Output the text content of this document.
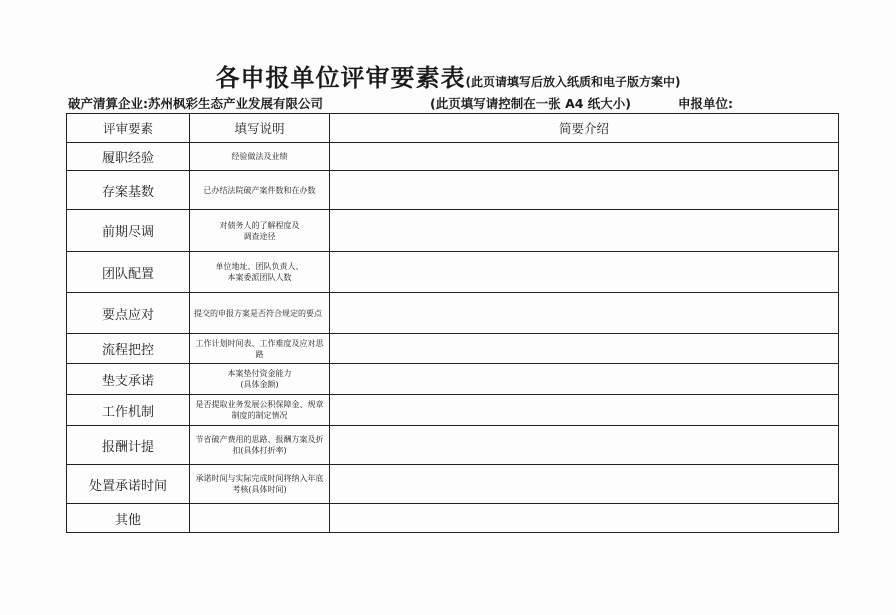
各申报单位评审要素表(此页请填写后放入纸质和电子版方案中)
破产清算企业:苏州枫彩生态产业发展有限公司	(此页填写请控制在一张 A4 纸大小)	申报单位:
评审要素	填写说明	简要介绍
履职经验	经验做法及业绩	
存案基数	已办结法院破产案件数和在办数	
前期尽调	对债务人的了解程度及
调查途径	
团队配置	单位地址、团队负责人、
本案委派团队人数	
要点应对	提交的申报方案是否符合规定的要点	
流程把控	工作计划时间表、工作难度及应对思路	
垫支承诺	本案垫付资金能力
(具体金额)	
工作机制	是否提取业务发展公积保障金、规章制度的制定情况	
报酬计提	节省破产费用的思路、报酬方案及折扣(具体打折率)	
处置承诺时间	承诺时间与实际完成时间将纳入年底考核(具体时间)	
其他		
